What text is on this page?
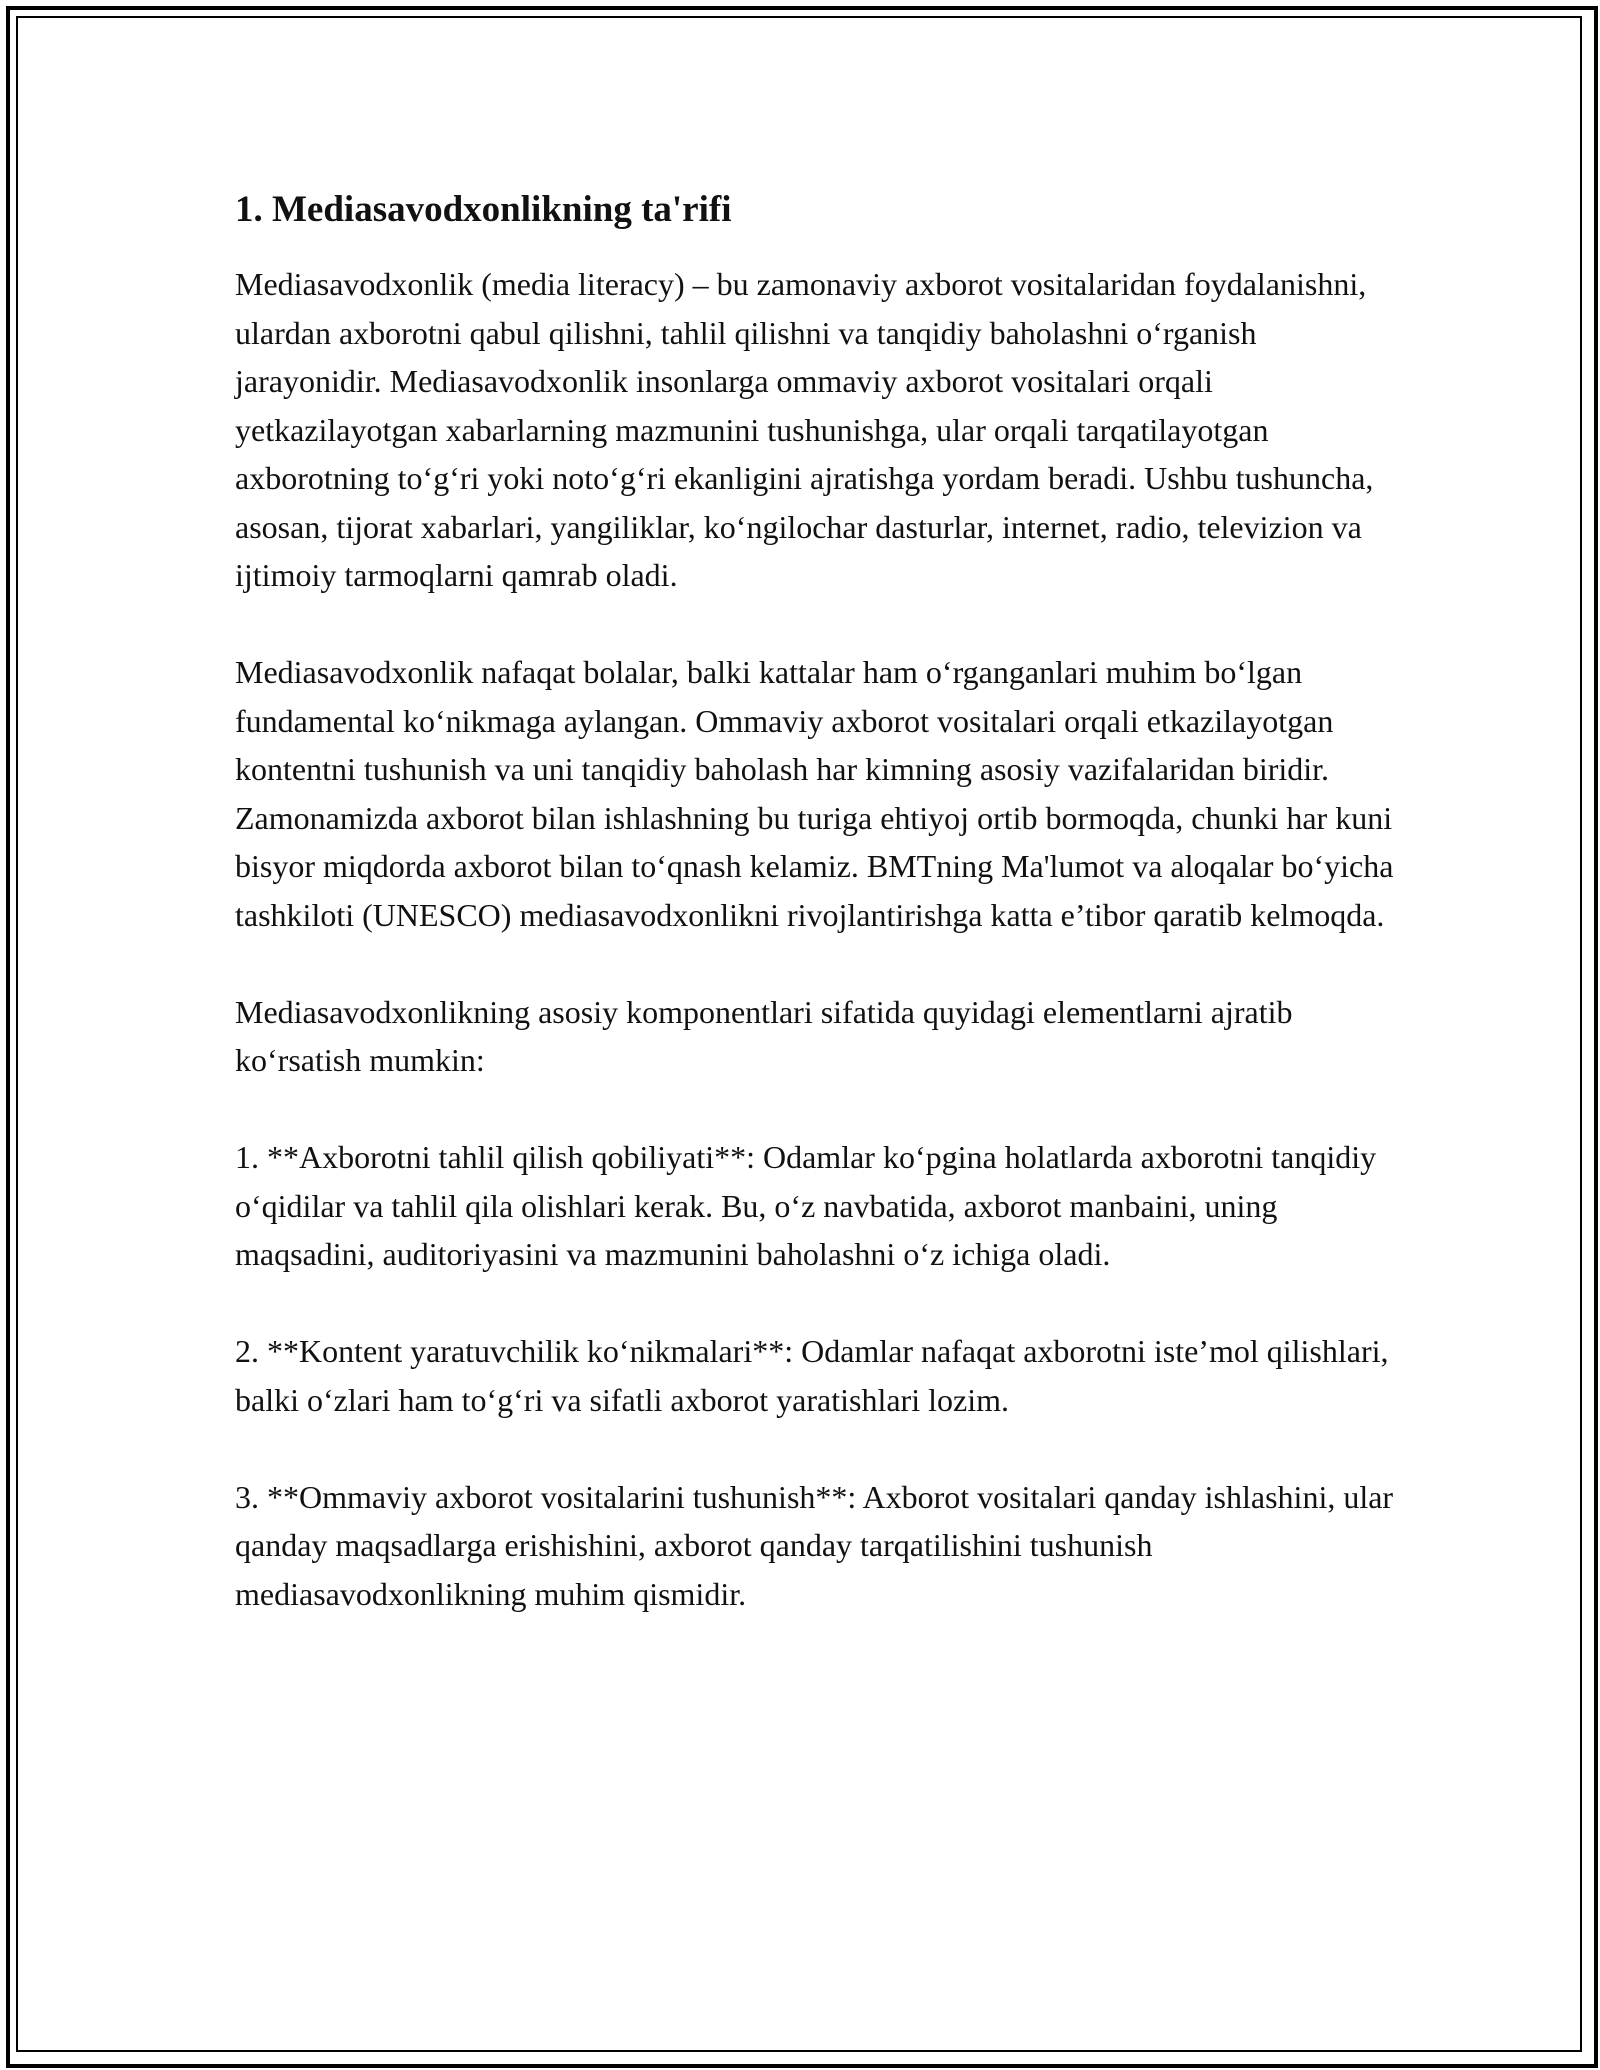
1. Mediasavodxonlikning ta'rifi

Mediasavodxonlik (media literacy) – bu zamonaviy axborot vositalaridan foydalanishni, ulardan axborotni qabul qilishni, tahlil qilishni va tanqidiy baholashni oʻrganish jarayonidir. Mediasavodxonlik insonlarga ommaviy axborot vositalari orqali yetkazilayotgan xabarlarning mazmunini tushunishga, ular orqali tarqatilayotgan axborotning toʻgʻri yoki notoʻgʻri ekanligini ajratishga yordam beradi. Ushbu tushuncha, asosan, tijorat xabarlari, yangiliklar, koʻngilochar dasturlar, internet, radio, televizion va ijtimoiy tarmoqlarni qamrab oladi.

Mediasavodxonlik nafaqat bolalar, balki kattalar ham oʻrganganlari muhim boʻlgan fundamental koʻnikmaga aylangan. Ommaviy axborot vositalari orqali etkazilayotgan kontentni tushunish va uni tanqidiy baholash har kimning asosiy vazifalaridan biridir. Zamonamizda axborot bilan ishlashning bu turiga ehtiyoj ortib bormoqda, chunki har kuni bisyor miqdorda axborot bilan toʻqnash kelamiz. BMTning Ma'lumot va aloqalar boʻyicha tashkiloti (UNESCO) mediasavodxonlikni rivojlantirishga katta e’tibor qaratib kelmoqda.

Mediasavodxonlikning asosiy komponentlari sifatida quyidagi elementlarni ajratib koʻrsatish mumkin:

1. **Axborotni tahlil qilish qobiliyati**: Odamlar koʻpgina holatlarda axborotni tanqidiy oʻqidilar va tahlil qila olishlari kerak. Bu, oʻz navbatida, axborot manbaini, uning maqsadini, auditoriyasini va mazmunini baholashni oʻz ichiga oladi.

2. **Kontent yaratuvchilik koʻnikmalari**: Odamlar nafaqat axborotni iste’mol qilishlari, balki oʻzlari ham toʻgʻri va sifatli axborot yaratishlari lozim.

3. **Ommaviy axborot vositalarini tushunish**: Axborot vositalari qanday ishlashini, ular qanday maqsadlarga erishishini, axborot qanday tarqatilishini tushunish mediasavodxonlikning muhim qismidir.
